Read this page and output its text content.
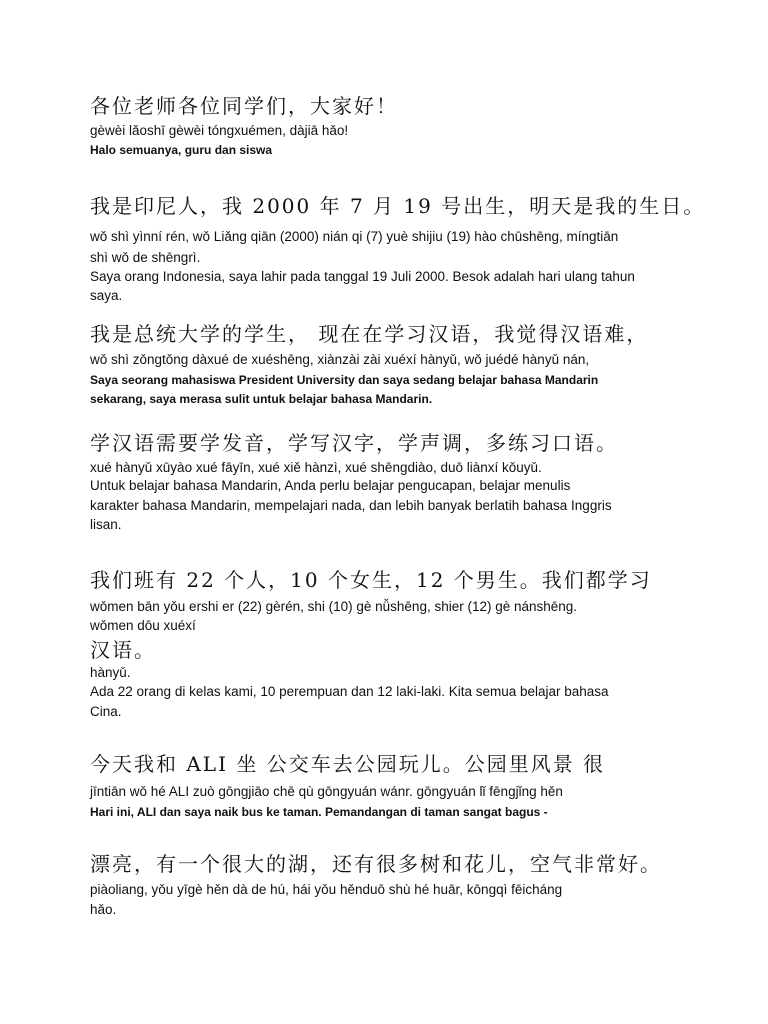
各位老师各位同学们，大家好！
gèwèi lǎoshī gèwèi tóngxuémen, dàjiā hǎo!
Halo semuanya, guru dan siswa
我是印尼人，我 2000 年 7 月 19 号出生，明天是我的生日。
wǒ shì yìnní rén, wǒ Liǎng qiān (2000) nián qi (7) yuè shijiu (19) hào chūshēng, míngtiān
shì wǒ de shēngrì.
Saya orang Indonesia, saya lahir pada tanggal 19 Juli 2000. Besok adalah hari ulang tahun
saya.
我是总统大学的学生， 现在在学习汉语，我觉得汉语难，
wǒ shì zǒngtǒng dàxué de xuéshēng, xiànzài zài xuéxí hànyǔ, wǒ juédé hànyǔ nán,
Saya seorang mahasiswa President University dan saya sedang belajar bahasa Mandarin
sekarang, saya merasa sulit untuk belajar bahasa Mandarin.
学汉语需要学发音，学写汉字，学声调，多练习口语。
xué hànyǔ xūyào xué fāyīn, xué xiě hànzì, xué shēngdiào, duō liànxí kǒuyǔ.
Untuk belajar bahasa Mandarin, Anda perlu belajar pengucapan, belajar menulis
karakter bahasa Mandarin, mempelajari nada, dan lebih banyak berlatih bahasa Inggris
lisan.
我们班有 22 个人，10 个女生，12 个男生。我们都学习
wǒmen bān yǒu ershi er (22) gèrén, shi (10) gè nǚshēng, shier (12) gè nánshēng.
wǒmen dōu xuéxí
汉语。
hànyǔ.
Ada 22 orang di kelas kami, 10 perempuan dan 12 laki-laki. Kita semua belajar bahasa
Cina.
今天我和 ALI 坐 公交车去公园玩儿。公园里风景 很
jīntiān wǒ hé ALI zuò gōngjiāo chē qù gōngyuán wánr. gōngyuán lǐ fēngjǐng hěn
Hari ini, ALI dan saya naik bus ke taman. Pemandangan di taman sangat bagus -
漂亮，有一个很大的湖，还有很多树和花儿，空气非常好。
piàoliang, yǒu yīgè hěn dà de hú, hái yǒu hěnduō shù hé huār, kōngqì fēicháng
hǎo.
